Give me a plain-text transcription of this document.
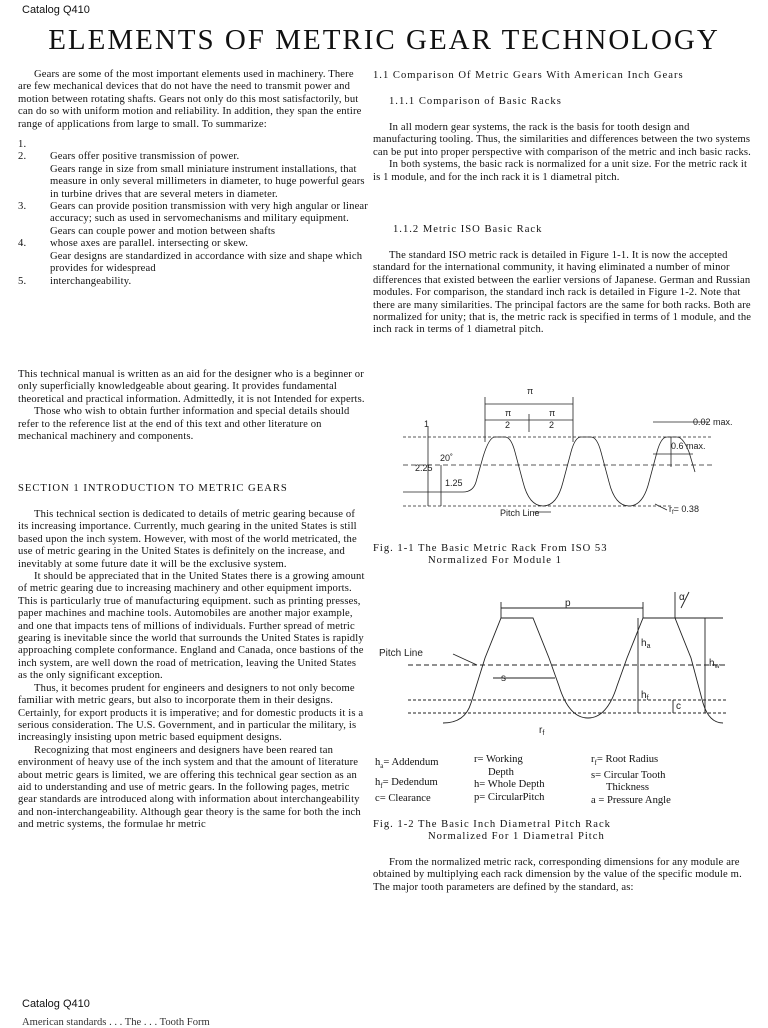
Catalog Q410
ELEMENTS OF METRIC GEAR TECHNOLOGY

Gears are some of the most important elements used in machinery. There are few mechanical devices that do not have the need to transmit power and motion between rotating shafts. Gears not only do this most satisfactorily, but can do so with uniform motion and reliability. In addition, they span the entire range of applications from large to small. To summarize:

1.

2. Gears offer positive transmission of power.
Gears range in size from small miniature instrument installations, that measure in only several millimeters in diameter, to huge powerful gears in turbine drives that are several meters in diameter.
3. Gears can provide position transmission with very high angular or linear accuracy; such as used in servomechanisms and military equipment.
Gears can couple power and motion between shafts
4. whose axes are parallel. intersecting or skew.
Gear designs are standardized in accordance with size and shape which provides for widespread
5. interchangeability.

This technical manual is written as an aid for the designer who is a beginner or only superficially knowledgeable about gearing. It provides fundamental theoretical and practical information. Admittedly, it is not Intended for experts.

Those who wish to obtain further information and special details should refer to the reference list at the end of this text and other literature on mechanical machinery and components.

SECTION 1 INTRODUCTION TO METRIC GEARS

This technical section is dedicated to details of metric gearing because of its increasing importance. Currently, much gearing in the united States is still based upon the inch system. However, with most of the world metricated, the use of metric gearing in the United States is definitely on the increase, and inevitably at some future date it will be the exclusive system.

It should be appreciated that in the United States there is a growing amount of metric gearing due to increasing machinery and other equipment imports. This is particularly true of manufacturing equipment. such as printing presses, paper machines and machine tools. Automobiles are another major example, and one that impacts tens of millions of individuals. Further spread of metric gearing is inevitable since the world that surrounds the United States is rapidly approaching complete conformance. England and Canada, once bastions of the inch system, are well down the road of metrication, leaving the United States as the only significant exception.

Thus, it becomes prudent for engineers and designers to not only become familiar with metric gears, but also to incorporate them in their designs. Certainly, for export products it is imperative; and for domestic products it is a serious consideration. The U.S. Government, and in particular the military, is increasingly insisting upon metric based equipment designs.

Recognizing that most engineers and designers have been reared tan environment of heavy use of the inch system and that the amount of literature about metric gears is limited, we are offering this technical gear section as an aid to understanding and use of metric gears. In the following pages, metric gear standards are introduced along with information about interchangeability and non-interchangeability. Although gear theory is the same for both the inch and metric systems, the formulae hr metric

1.1 Comparison Of Metric Gears With American Inch Gears
1.1.1 Comparison of Basic Racks

In all modern gear systems, the rack is the basis for tooth design and manufacturing tooling. Thus, the similarities and differences between the two systems can be put into proper perspective with comparison of the metric and inch basic racks.

In both systems, the basic rack is normalized for a unit size. For the metric rack it is 1 module, and for the inch rack it is 1 diametral pitch.

1.1.2 Metric ISO Basic Rack

The standard ISO metric rack is detailed in Figure 1-1. It is now the accepted standard for the international community, it having eliminated a number of minor differences that existed between the earlier versions of Japanese. German and Russian modules. For comparison, the standard inch rack is detailed in Figure 1-2. Note that there are many similarities. The principal factors are the same for both racks. Both are normalized for unity; that is, the metric rack is specified in terms of 1 module, and the inch rack in terms of 1 diametral pitch.

π
π
2
π
2	0.02 max.
0.6 max.
1
2.25
1.25
20˚
Pitch Line	$r_f= 0.38$

Fig. 1-1 The Basic Metric Rack From ISO 53

Normalized For Module 1

α
p
Pitch Line
s
$h_a$
$h_w$
$h_f$
c
$r_f$

$h_a=$ Addendum

$h_f=$ Dedendum

c= Clearance

r= Working

Depth

h= Whole Depth

p= CircularPitch

$r_f=$ Root Radius

s= Circular Tooth

Thickness

a = Pressure Angle

Fig. 1-2 The Basic Inch Diametral Pitch Rack

Normalized For 1 Diametral Pitch

From the normalized metric rack, corresponding dimensions for any module are obtained by multiplying each rack dimension by the value of the specific module m. The major tooth parameters are defined by the standard, as:

Catalog Q410
American standards . . . The . . . Tooth Form
